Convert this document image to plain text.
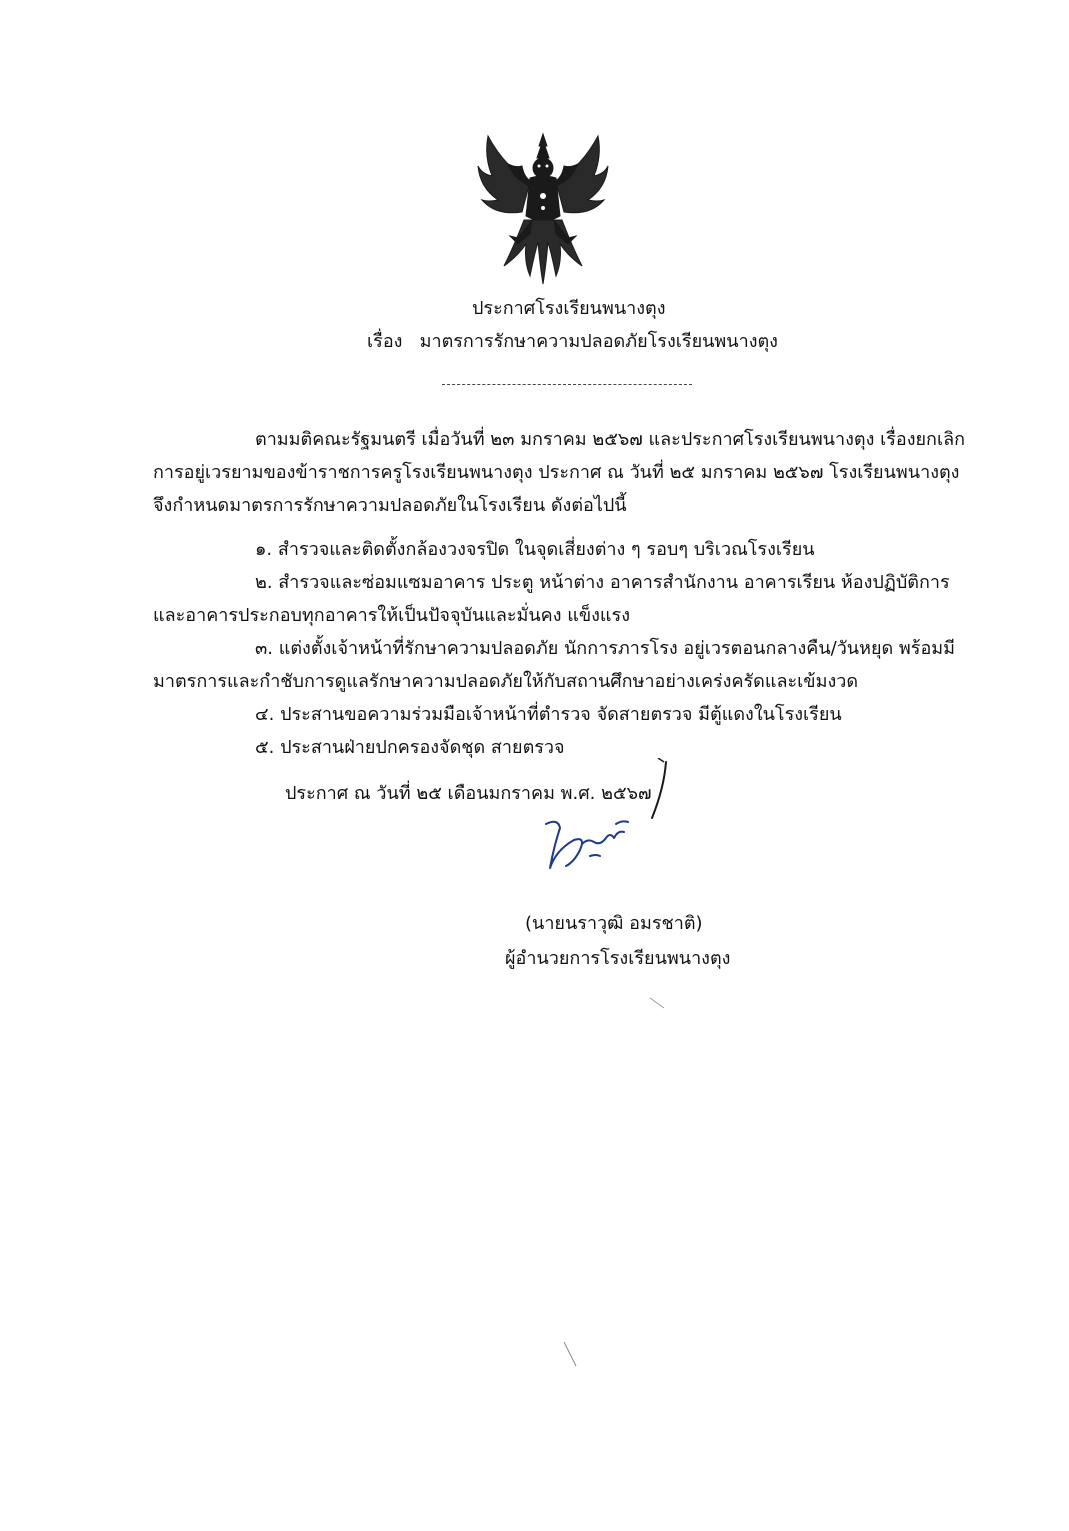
ประกาศโรงเรียนพนางตุง
เรื่อง มาตรการรักษาความปลอดภัยโรงเรียนพนางตุง
ตามมติคณะรัฐมนตรี เมื่อวันที่ ๒๓ มกราคม ๒๕๖๗ และประกาศโรงเรียนพนางตุง เรื่องยกเลิก
การอยู่เวรยามของข้าราชการครูโรงเรียนพนางตุง ประกาศ ณ วันที่ ๒๕ มกราคม ๒๕๖๗ โรงเรียนพนางตุง
จึงกำหนดมาตรการรักษาความปลอดภัยในโรงเรียน ดังต่อไปนี้
๑. สำรวจและติดตั้งกล้องวงจรปิด ในจุดเสี่ยงต่าง ๆ รอบๆ บริเวณโรงเรียน
๒. สำรวจและซ่อมแซมอาคาร ประตู หน้าต่าง อาคารสำนักงาน อาคารเรียน ห้องปฏิบัติการ
และอาคารประกอบทุกอาคารให้เป็นปัจจุบันและมั่นคง แข็งแรง
๓. แต่งตั้งเจ้าหน้าที่รักษาความปลอดภัย นักการภารโรง อยู่เวรตอนกลางคืน/วันหยุด พร้อมมี
มาตรการและกำชับการดูแลรักษาความปลอดภัยให้กับสถานศึกษาอย่างเคร่งครัดและเข้มงวด
๔. ประสานขอความร่วมมือเจ้าหน้าที่ตำรวจ จัดสายตรวจ มีตู้แดงในโรงเรียน
๕. ประสานฝ่ายปกครองจัดชุด สายตรวจ
ประกาศ ณ วันที่ ๒๕ เดือนมกราคม พ.ศ. ๒๕๖๗
(นายนราวุฒิ อมรชาติ)
ผู้อำนวยการโรงเรียนพนางตุง
